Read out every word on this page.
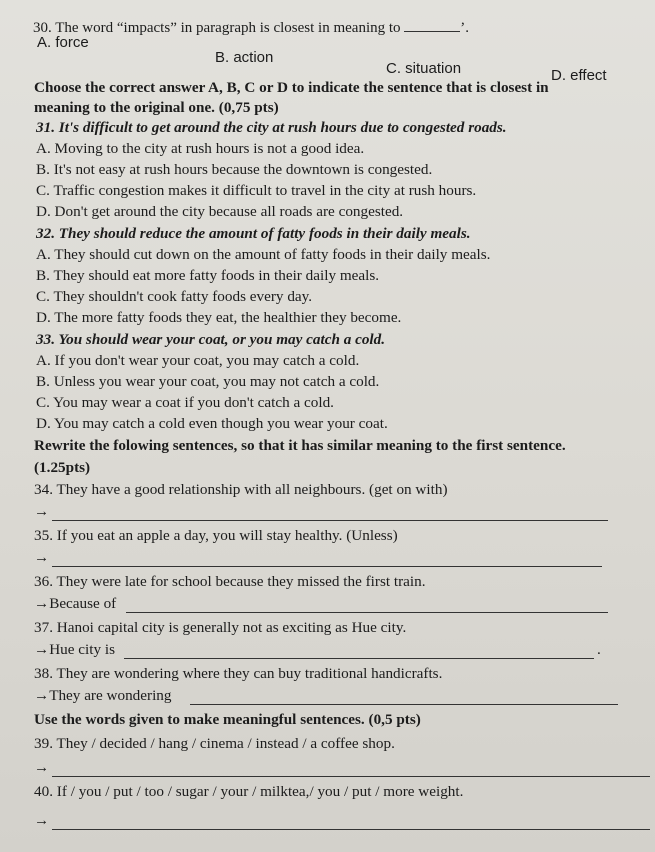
30. The word “impacts” in paragraph is closest in meaning to	’.
A. force
B. action
C. situation	D. effect
Choose the correct answer A, B, C or D to indicate the sentence that is closest in
meaning to the original one. (0,75 pts)
31. It's difficult to get around the city at rush hours due to congested roads.
A. Moving to the city at rush hours is not a good idea.
B. It's not easy at rush hours because the downtown is congested.
C. Traffic congestion makes it difficult to travel in the city at rush hours.
D. Don't get around the city because all roads are congested.
32. They should reduce the amount of fatty foods in their daily meals.
A. They should cut down on the amount of fatty foods in their daily meals.
B. They should eat more fatty foods in their daily meals.
C. They shouldn't cook fatty foods every day.
D. The more fatty foods they eat, the healthier they become.
33. You should wear your coat, or you may catch a cold.
A. If you don't wear your coat, you may catch a cold.
B. Unless you wear your coat, you may not catch a cold.
C. You may wear a coat if you don't catch a cold.
D. You may catch a cold even though you wear your coat.
Rewrite the folowing sentences, so that it has similar meaning to the first sentence.
(1.25pts)
34. They have a good relationship with all neighbours. (get on with)
→
35. If you eat an apple a day, you will stay healthy. (Unless)
→
36. They were late for school because they missed the first train.
→Because of
37. Hanoi capital city is generally not as exciting as Hue city.
→Hue city is	.
38. They are wondering where they can buy traditional handicrafts.
→They are wondering
Use the words given to make meaningful sentences. (0,5 pts)
39. They / decided / hang / cinema / instead / a coffee shop.
→
40. If / you / put / too / sugar / your / milktea,/ you / put / more weight.
→
